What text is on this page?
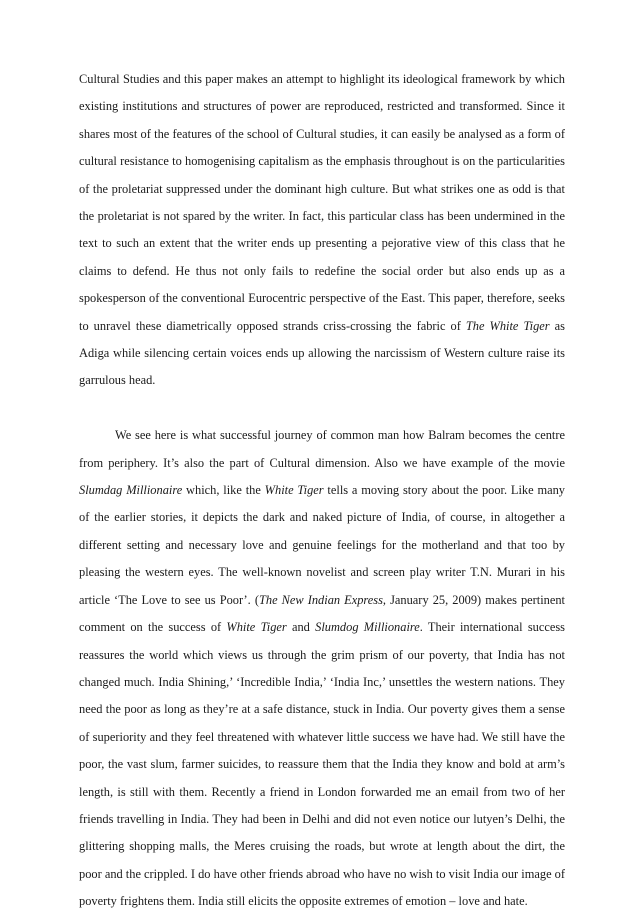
Cultural Studies and this paper makes an attempt to highlight its ideological framework by which existing institutions and structures of power are reproduced, restricted and transformed. Since it shares most of the features of the school of Cultural studies, it can easily be analysed as a form of cultural resistance to homogenising capitalism as the emphasis throughout is on the particularities of the proletariat suppressed under the dominant high culture. But what strikes one as odd is that the proletariat is not spared by the writer. In fact, this particular class has been undermined in the text to such an extent that the writer ends up presenting a pejorative view of this class that he claims to defend. He thus not only fails to redefine the social order but also ends up as a spokesperson of the conventional Eurocentric perspective of the East. This paper, therefore, seeks to unravel these diametrically opposed strands criss-crossing the fabric of The White Tiger as Adiga while silencing certain voices ends up allowing the narcissism of Western culture raise its garrulous head.

We see here is what successful journey of common man how Balram becomes the centre from periphery. It’s also the part of Cultural dimension. Also we have example of the movie Slumdag Millionaire which, like the White Tiger tells a moving story about the poor. Like many of the earlier stories, it depicts the dark and naked picture of India, of course, in altogether a different setting and necessary love and genuine feelings for the motherland and that too by pleasing the western eyes. The well-known novelist and screen play writer T.N. Murari in his article ‘The Love to see us Poor’. (The New Indian Express, January 25, 2009) makes pertinent comment on the success of White Tiger and Slumdog Millionaire. Their international success reassures the world which views us through the grim prism of our poverty, that India has not changed much. India Shining,’ ‘Incredible India,’ ‘India Inc,’ unsettles the western nations. They need the poor as long as they’re at a safe distance, stuck in India. Our poverty gives them a sense of superiority and they feel threatened with whatever little success we have had. We still have the poor, the vast slum, farmer suicides, to reassure them that the India they know and bold at arm’s length, is still with them. Recently a friend in London forwarded me an email from two of her friends travelling in India. They had been in Delhi and did not even notice our lutyen’s Delhi, the glittering shopping malls, the Meres cruising the roads, but wrote at length about the dirt, the poor and the crippled. I do have other friends abroad who have no wish to visit India our image of poverty frightens them. India still elicits the opposite extremes of emotion – love and hate.
